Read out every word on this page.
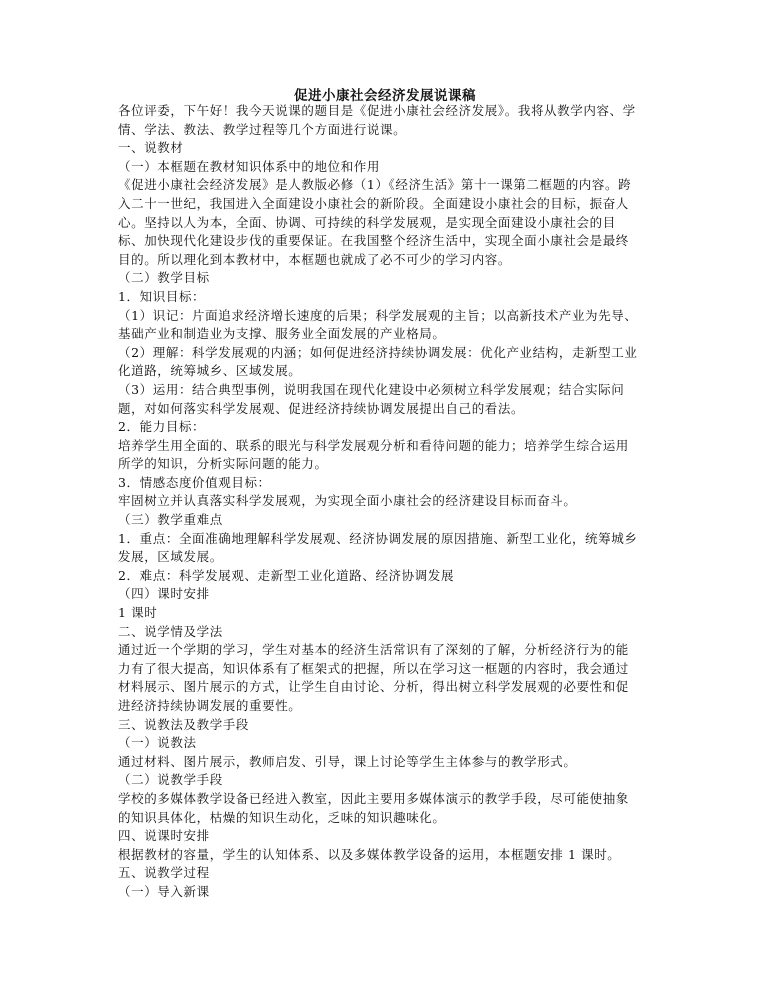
促进小康社会经济发展说课稿
各位评委，下午好！我今天说课的题目是《促进小康社会经济发展》。我将从教学内容、学
情、学法、教法、教学过程等几个方面进行说课。
一、说教材
（一）本框题在教材知识体系中的地位和作用
《促进小康社会经济发展》是人教版必修（1）《经济生活》第十一课第二框题的内容。跨
入二十一世纪，我国进入全面建设小康社会的新阶段。全面建设小康社会的目标，振奋人
心。坚持以人为本，全面、协调、可持续的科学发展观，是实现全面建设小康社会的目
标、加快现代化建设步伐的重要保证。在我国整个经济生活中，实现全面小康社会是最终
目的。所以理化到本教材中，本框题也就成了必不可少的学习内容。
（二）教学目标
1．知识目标：
（1）识记：片面追求经济增长速度的后果；科学发展观的主旨；以高新技术产业为先导、
基础产业和制造业为支撑、服务业全面发展的产业格局。
（2）理解：科学发展观的内涵；如何促进经济持续协调发展：优化产业结构，走新型工业
化道路，统筹城乡、区域发展。
（3）运用：结合典型事例，说明我国在现代化建设中必须树立科学发展观；结合实际问
题，对如何落实科学发展观、促进经济持续协调发展提出自己的看法。
2．能力目标：
培养学生用全面的、联系的眼光与科学发展观分析和看待问题的能力；培养学生综合运用
所学的知识，分析实际问题的能力。
3．情感态度价值观目标：
牢固树立并认真落实科学发展观，为实现全面小康社会的经济建设目标而奋斗。
（三）教学重难点
1．重点：全面准确地理解科学发展观、经济协调发展的原因措施、新型工业化，统筹城乡
发展，区域发展。
2．难点：科学发展观、走新型工业化道路、经济协调发展
（四）课时安排
1 课时
二、说学情及学法
通过近一个学期的学习，学生对基本的经济生活常识有了深刻的了解，分析经济行为的能
力有了很大提高，知识体系有了框架式的把握，所以在学习这一框题的内容时，我会通过
材料展示、图片展示的方式，让学生自由讨论、分析，得出树立科学发展观的必要性和促
进经济持续协调发展的重要性。
三、说教法及教学手段
（一）说教法
通过材料、图片展示，教师启发、引导，课上讨论等学生主体参与的教学形式。
（二）说教学手段
学校的多媒体教学设备已经进入教室，因此主要用多媒体演示的教学手段，尽可能使抽象
的知识具体化，枯燥的知识生动化，乏味的知识趣味化。
四、说课时安排
根据教材的容量，学生的认知体系、以及多媒体教学设备的运用，本框题安排 1 课时。
五、说教学过程
（一）导入新课
